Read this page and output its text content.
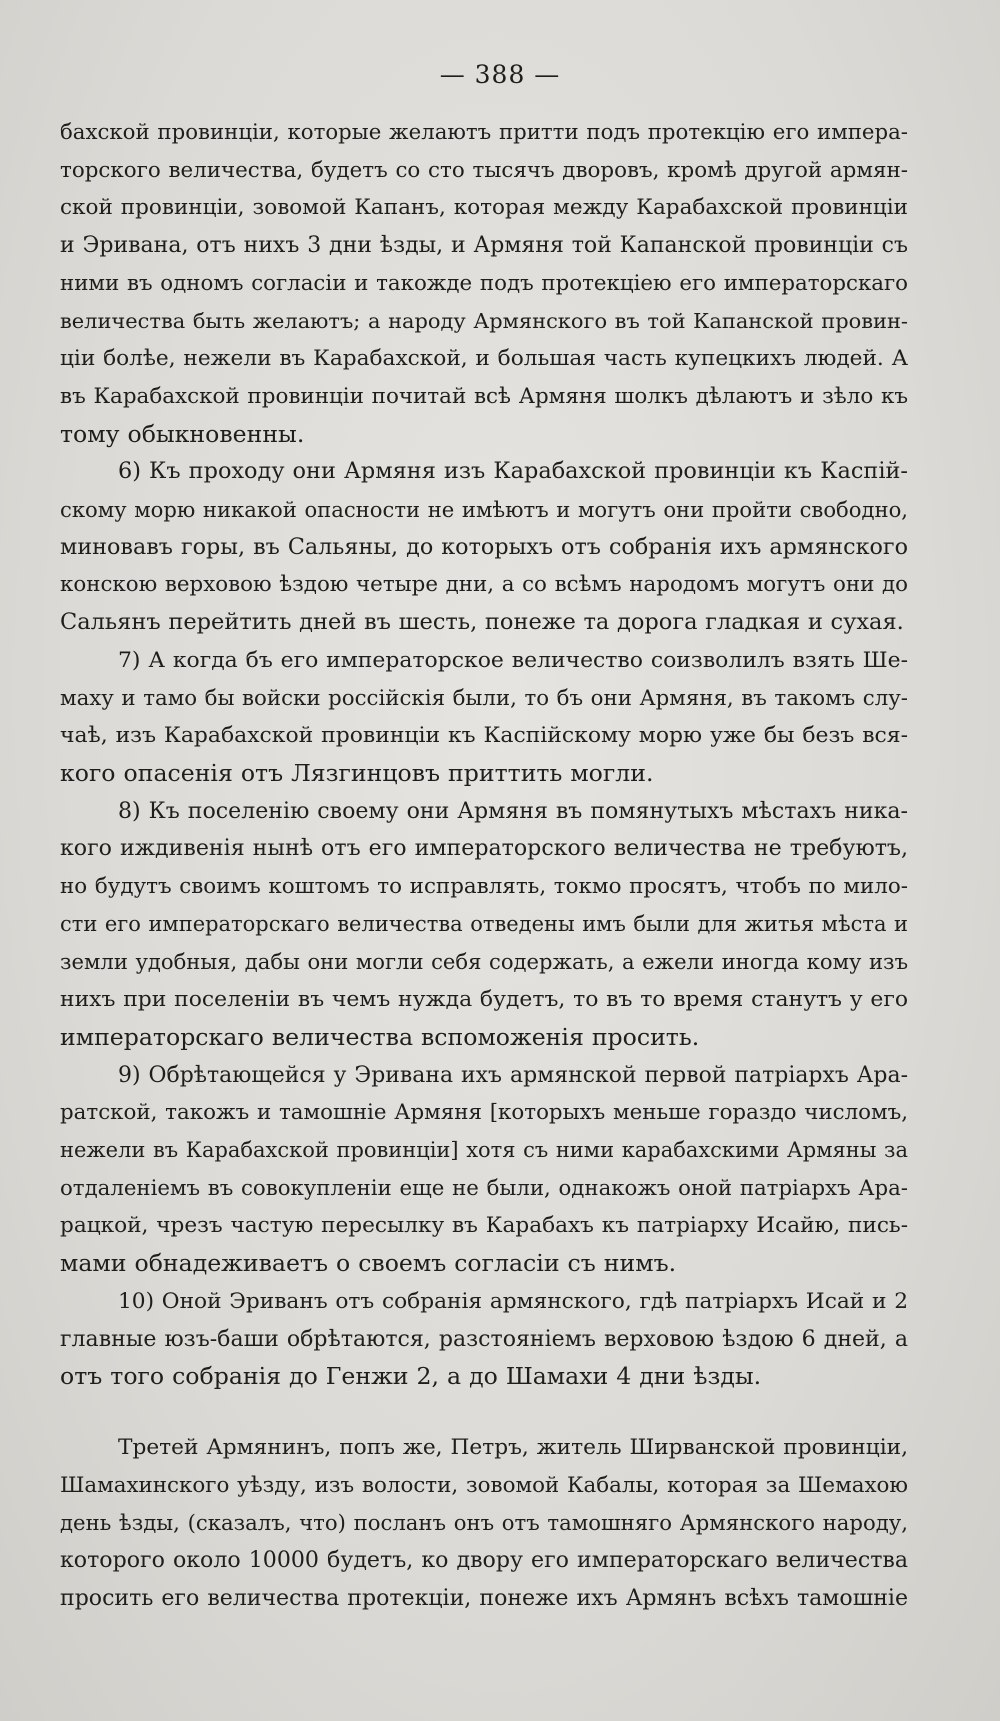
— 388 —
бахской провинціи, которые желаютъ притти подъ протекцію его импера-
торского величества, будетъ со сто тысячъ дворовъ, кромѣ другой армян-
ской провинціи, зовомой Капанъ, которая между Карабахской провинціи
и Эривана, отъ нихъ 3 дни ѣзды, и Армяня той Капанской провинціи съ
ними въ одномъ согласіи и такожде подъ протекціею его императорскаго
величества быть желаютъ; а народу Армянского въ той Капанской провин-
ціи болѣе, нежели въ Карабахской, и большая часть купецкихъ людей. А
въ Карабахской провинціи почитай всѣ Армяня шолкъ дѣлаютъ и зѣло къ
тому обыкновенны.
6) Къ проходу они Армяня изъ Карабахской провинціи къ Каспій-
скому морю никакой опасности не имѣютъ и могутъ они пройти свободно,
миновавъ горы, въ Сальяны, до которыхъ отъ собранія ихъ армянского
конскою верховою ѣздою четыре дни, а со всѣмъ народомъ могутъ они до
Сальянъ перейтить дней въ шесть, понеже та дорога гладкая и сухая.
7) А когда бъ его императорское величество соизволилъ взять Ше-
маху и тамо бы войски россійскія были, то бъ они Армяня, въ такомъ слу-
чаѣ, изъ Карабахской провинціи къ Каспійскому морю уже бы безъ вся-
кого опасенія отъ Лязгинцовъ приттить могли.
8) Къ поселенію своему они Армяня въ помянутыхъ мѣстахъ ника-
кого иждивенія нынѣ отъ его императорского величества не требуютъ,
но будутъ своимъ коштомъ то исправлять, токмо просятъ, чтобъ по мило-
сти его императорскаго величества отведены имъ были для житья мѣста и
земли удобныя, дабы они могли себя содержать, а ежели иногда кому изъ
нихъ при поселеніи въ чемъ нужда будетъ, то въ то время станутъ у его
императорскаго величества вспоможенія просить.
9) Обрѣтающейся у Эривана ихъ армянской первой патріархъ Ара-
ратской, такожъ и тамошніе Армяня [которыхъ меньше гораздо числомъ,
нежели въ Карабахской провинціи] хотя съ ними карабахскими Армяны за
отдаленіемъ въ совокупленіи еще не были, однакожъ оной патріархъ Ара-
рацкой, чрезъ частую пересылку въ Карабахъ къ патріарху Исайю, пись-
мами обнадеживаетъ о своемъ согласіи съ нимъ.
10) Оной Эриванъ отъ собранія армянского, гдѣ патріархъ Исай и 2
главные юзъ-баши обрѣтаются, разстояніемъ верховою ѣздою 6 дней, а
отъ того собранія до Генжи 2, а до Шамахи 4 дни ѣзды.
Третей Армянинъ, попъ же, Петръ, житель Ширванской провинціи,
Шамахинского уѣзду, изъ волости, зовомой Кабалы, которая за Шемахою
день ѣзды, (сказалъ, что) посланъ онъ отъ тамошняго Армянского народу,
которого около 10000 будетъ, ко двору его императорскаго величества
просить его величества протекціи, понеже ихъ Армянъ всѣхъ тамошніе
